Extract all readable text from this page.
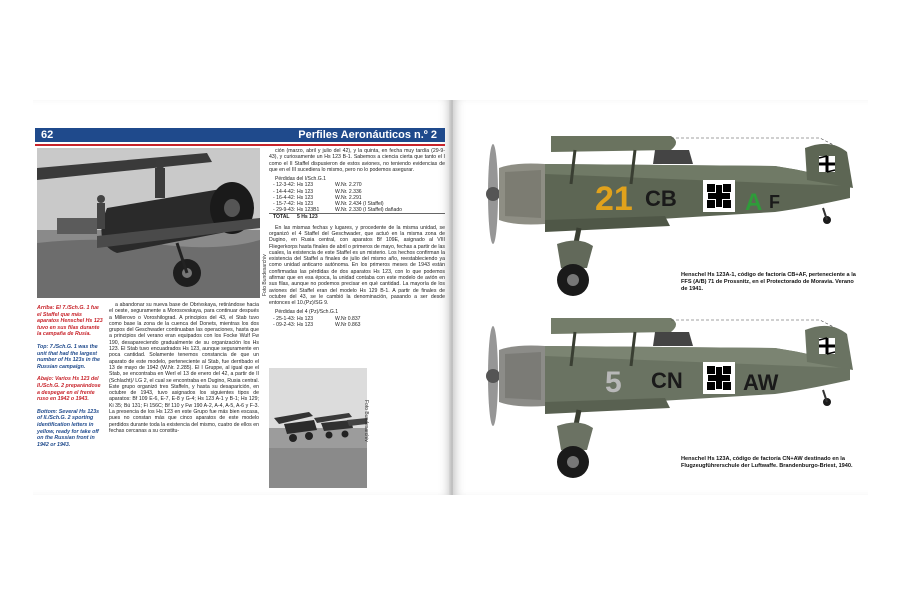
62	Perfiles Aeronáuticos n.º 2
Foto Bundesarchiv

Arriba: El 7./Sch.G. 1 fue el Staffel que más aparatos Henschel Hs 123 tuvo en sus filas durante la campaña de Rusia.

Top: 7./Sch.G. 1 was the unit that had the largest number of Hs 123s in the Russian campaign.

Abajo: Varios Hs 123 del II./Sch.G. 2 preparándose a despegar en el frente ruso en 1942 o 1943.

Bottom: Several Hs 123s of II./Sch.G. 2 sporting identification letters in yellow, ready for take off on the Russian front in 1942 or 1943.

a abandonar su nueva base de Obrivskaya, retirándose hacia el oeste, seguramente a Morosovskaya, para continuar después a Millerovo o Voroshilograd. A principios del 43, el Stab tuvo como base la zona de la cuenca del Donets, mientras los dos grupos del Geschwader continuaban las operaciones, hasta que a principios del verano eran equipados con los Focke Wulf Fw 190, desapareciendo gradualmente de su organización los Hs 123. El Stab tuvo encuadrados Hs 123, aunque seguramente en poca cantidad. Solamente tenemos constancia de que un aparato de este modelo, perteneciente al Stab, fue derribado el 13 de mayo de 1942 (W.Nr. 2.285). El I Gruppe, al igual que el Stab, se encontraba en Werl el 13 de enero del 42, a partir de II (Schlacht)/ LG 2, el cual se encontraba en Dugino, Rusia central. Este grupo organizó tres Staffeln, y hasta su desaparición, en octubre de 1943, tuvo asignados los siguientes tipos de aparatos: Bf 109 E-6, E-7, E-8 y G-4; Hs 123 A-1 y B-1; Hs 129; Ki 35; Bü 131; Fi 156C; Bf 110 y Fw 190 A-2, A-4, A-5, A-6 y F-3. La presencia de los Hs 123 en este Grupo fue más bien escasa, pues no constan más que cinco aparatos de este modelo perdidos durante toda la existencia del mismo, cuatro de ellos en fechas cercanas a su constitu-

ción (marzo, abril y julio del 42), y la quinta, en fecha muy tardía (29-9-43), y curiosamente un Hs 123 B-1. Sabemos a ciencia cierta que tanto el I como el II Staffel dispusieron de estos aviones, no teniendo evidencias de que en el III sucediera lo mismo, pero no lo podemos asegurar.

Pérdidas del I/Sch.G.1

- 12-3-42: Hs 123	W.Nr. 2.270
- 14-4-42: Hs 123	W.Nr. 2.336
- 16-4-42: Hs 123	W.Nr. 2.291
- 15-7-42: Hs 123	W.Nr. 2.434 (I Staffel)
- 29-9-43: Hs 123B1	W.Nr. 2.330 (I Staffel) dañado
TOTAL	5 Hs 123

En las mismas fechas y lugares, y procedente de la misma unidad, se organizó el 4 Staffel del Geschwader, que actuó en la misma zona de Dugino, en Rusia central, con aparatos Bf 109E, asignado al VIII Fliegerkorps hasta finales de abril o primeros de mayo, fechas a partir de las cuales, la existencia de este Staffel es un misterio. Los hechos confirman la existencia del Staffel a finales de julio del mismo año, reestableciendo ya como unidad anticarro autónoma. En los primeros meses de 1943 están confirmadas las pérdidas de dos aparatos Hs 123, con lo que podemos afirmar que en esa época, la unidad contaba con este modelo de avión en sus filas, aunque no podemos precisar en qué cantidad. La mayoría de los aviones del Staffel eran del modelo Hs 129 B-1. A partir de finales de octubre del 43, se le cambió la denominación, pasando a ser desde entonces el 10.(Pz)/SG 9.

Pérdidas del 4 (Pz)/Sch.G.1

- 25-1-43: Hs 123	W.Nr 0.837
- 09-2-43: Hs 123	W.Nr 0.863
Foto Bundesarchiv
21 CB	A F
Henschel Hs 123A-1, código de factoría CB+AF, perteneciente a la FFS (A/B) 71 de Prossnitz, en el Protectorado de Moravia. Verano de 1941.
5 CN	AW
Henschel Hs 123A, código de factoría CN+AW destinado en la Flugzeugführerschule der Luftwaffe. Brandenburgo-Briest, 1940.
